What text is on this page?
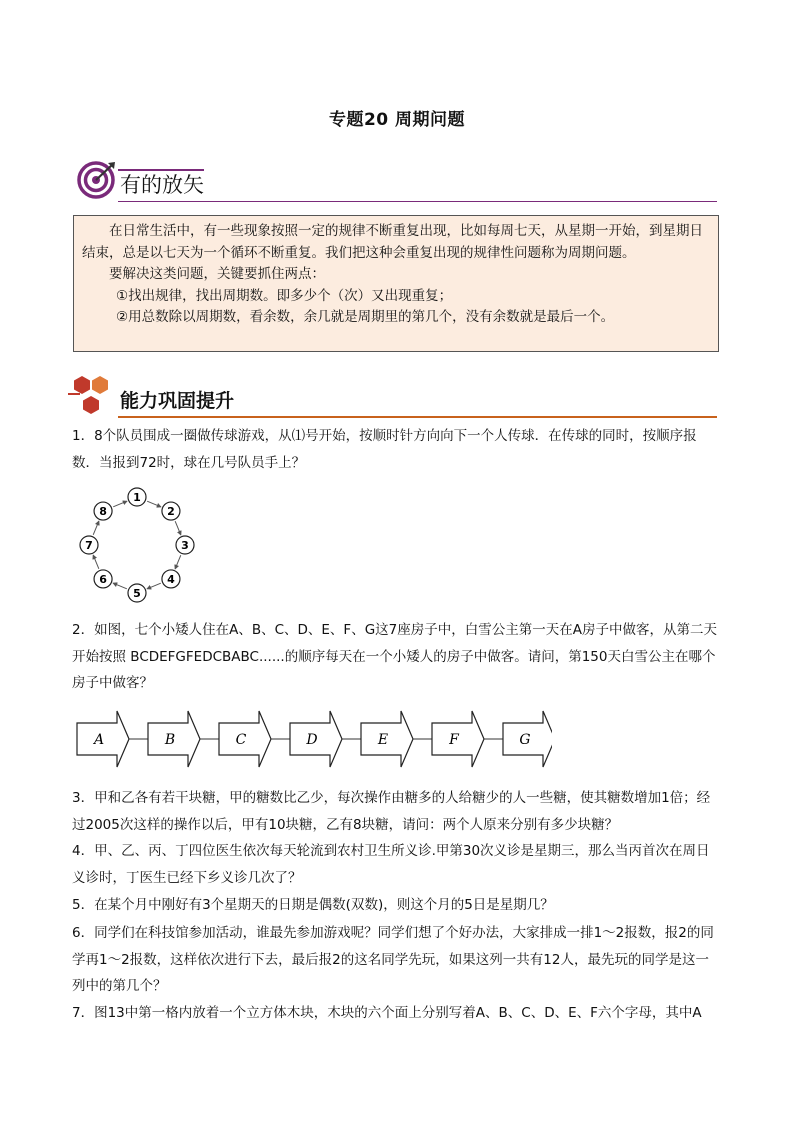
专题20 周期问题
有的放矢

在日常生活中，有一些现象按照一定的规律不断重复出现，比如每周七天，从星期一开始，到星期日结束，总是以七天为一个循环不断重复。我们把这种会重复出现的规律性问题称为周期问题。

要解决这类问题，关键要抓住两点：

①找出规律，找出周期数。即多少个（次）又出现重复；

②用总数除以周期数，看余数，余几就是周期里的第几个，没有余数就是最后一个。

能力巩固提升

1．8个队员围成一圈做传球游戏，从⑴号开始，按顺时针方向向下一个人传球．在传球的同时，按顺序报数．当报到72时，球在几号队员手上？

1
2
3
4
5
6
7
8

2．如图，七个小矮人住在A、B、C、D、E、F、G这7座房子中，白雪公主第一天在A房子中做客，从第二天开始按照 BCDEFGFEDCBABC......的顺序每天在一个小矮人的房子中做客。请问，第150天白雪公主在哪个房子中做客？

A	B	C	D	E	F	G

3．甲和乙各有若干块糖，甲的糖数比乙少，每次操作由糖多的人给糖少的人一些糖，使其糖数增加1倍；经过2005次这样的操作以后，甲有10块糖，乙有8块糖，请问：两个人原来分别有多少块糖？

4．甲、乙、丙、丁四位医生依次每天轮流到农村卫生所义诊.甲第30次义诊是星期三，那么当丙首次在周日义诊时，丁医生已经下乡义诊几次了？

5．在某个月中刚好有3个星期天的日期是偶数(双数)，则这个月的5日是星期几？

6．同学们在科技馆参加活动，谁最先参加游戏呢？同学们想了个好办法，大家排成一排1～2报数，报2的同学再1～2报数，这样依次进行下去，最后报2的这名同学先玩，如果这列一共有12人，最先玩的同学是这一列中的第几个？

7．图13中第一格内放着一个立方体木块，木块的六个面上分别写着A、B、C、D、E、F六个字母，其中A
